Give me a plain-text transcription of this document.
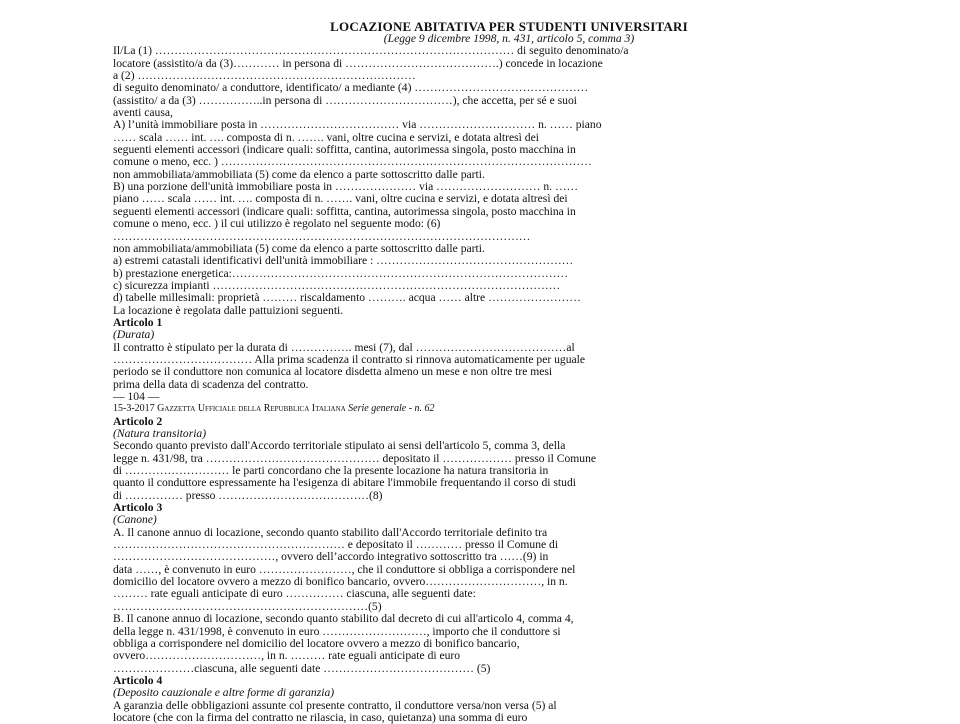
LOCAZIONE ABITATIVA PER STUDENTI UNIVERSITARI
(Legge 9 dicembre 1998, n. 431, articolo 5, comma 3)
Il/La (1) ………………………………………………………………………………… di seguito denominato/a
locatore (assistito/a da (3)………… in persona di ………………………………….) concede in locazione
a (2) ………………………………………………………………
di seguito denominato/ a conduttore, identificato/ a mediante (4) ………………………………………
(assistito/ a da (3) ……………..in persona di ……………………………), che accetta, per sé e suoi
aventi causa,
A) l’unità immobiliare posta in ……………………………… via ………………………… n. …… piano
…… scala …… int. …. composta di n. ……. vani, oltre cucina e servizi, e dotata altresì dei
seguenti elementi accessori (indicare quali: soffitta, cantina, autorimessa singola, posto macchina in
comune o meno, ecc. ) ……………………………………………………………………………………
non ammobiliata/ammobiliata (5) come da elenco a parte sottoscritto dalle parti.
B) una porzione dell'unità immobiliare posta in ………………… via ……………………… n. ……
piano …… scala …… int. …. composta di n. ……. vani, oltre cucina e servizi, e dotata altresì dei
seguenti elementi accessori (indicare quali: soffitta, cantina, autorimessa singola, posto macchina in
comune o meno, ecc. ) il cui utilizzo è regolato nel seguente modo: (6)
………………………………………………………………………………………………
non ammobiliata/ammobiliata (5) come da elenco a parte sottoscritto dalle parti.
a) estremi catastali identificativi dell'unità immobiliare : ……………………………………………
b) prestazione energetica:……………………………………………………………………………
c) sicurezza impianti ………………………………………………………………………………
d) tabelle millesimali: proprietà ……… riscaldamento ………. acqua …… altre ……………………
La locazione è regolata dalle pattuizioni seguenti.
Articolo 1
(Durata)
Il contratto è stipulato per la durata di ……………. mesi (7), dal …………………………………al
……………………………… Alla prima scadenza il contratto si rinnova automaticamente per uguale
periodo se il conduttore non comunica al locatore disdetta almeno un mese e non oltre tre mesi
prima della data di scadenza del contratto.
— 104 —
15-3-2017 Gazzetta Ufficiale della Repubblica Italiana Serie generale - n. 62
Articolo 2
(Natura transitoria)
Secondo quanto previsto dall'Accordo territoriale stipulato ai sensi dell'articolo 5, comma 3, della
legge n. 431/98, tra ……………………………………… depositato il ……………… presso il Comune
di ……………………… le parti concordano che la presente locazione ha natura transitoria in
quanto il conduttore espressamente ha l'esigenza di abitare l'immobile frequentando il corso di studi
di …………… presso …………………………………(8)
Articolo 3
(Canone)
A. Il canone annuo di locazione, secondo quanto stabilito dall'Accordo territoriale definito tra
…………………………………………………… e depositato il ………… presso il Comune di
……………………………………, ovvero dell’accordo integrativo sottoscritto tra ……(9) in
data ……, è convenuto in euro ……………………, che il conduttore si obbliga a corrispondere nel
domicilio del locatore ovvero a mezzo di bonifico bancario, ovvero…………………………, in n.
……… rate eguali anticipate di euro …………… ciascuna, alle seguenti date:
…………………………………………………………(5)
B. Il canone annuo di locazione, secondo quanto stabilito dal decreto di cui all'articolo 4, comma 4,
della legge n. 431/1998, è convenuto in euro ………………………, importo che il conduttore si
obbliga a corrispondere nel domicilio del locatore ovvero a mezzo di bonifico bancario,
ovvero…………………………, in n. ……… rate eguali anticipate di euro
…………………ciascuna, alle seguenti date ………………………………… (5)
Articolo 4
(Deposito cauzionale e altre forme di garanzia)
A garanzia delle obbligazioni assunte col presente contratto, il conduttore versa/non versa (5) al
locatore (che con la firma del contratto ne rilascia, in caso, quietanza) una somma di euro
